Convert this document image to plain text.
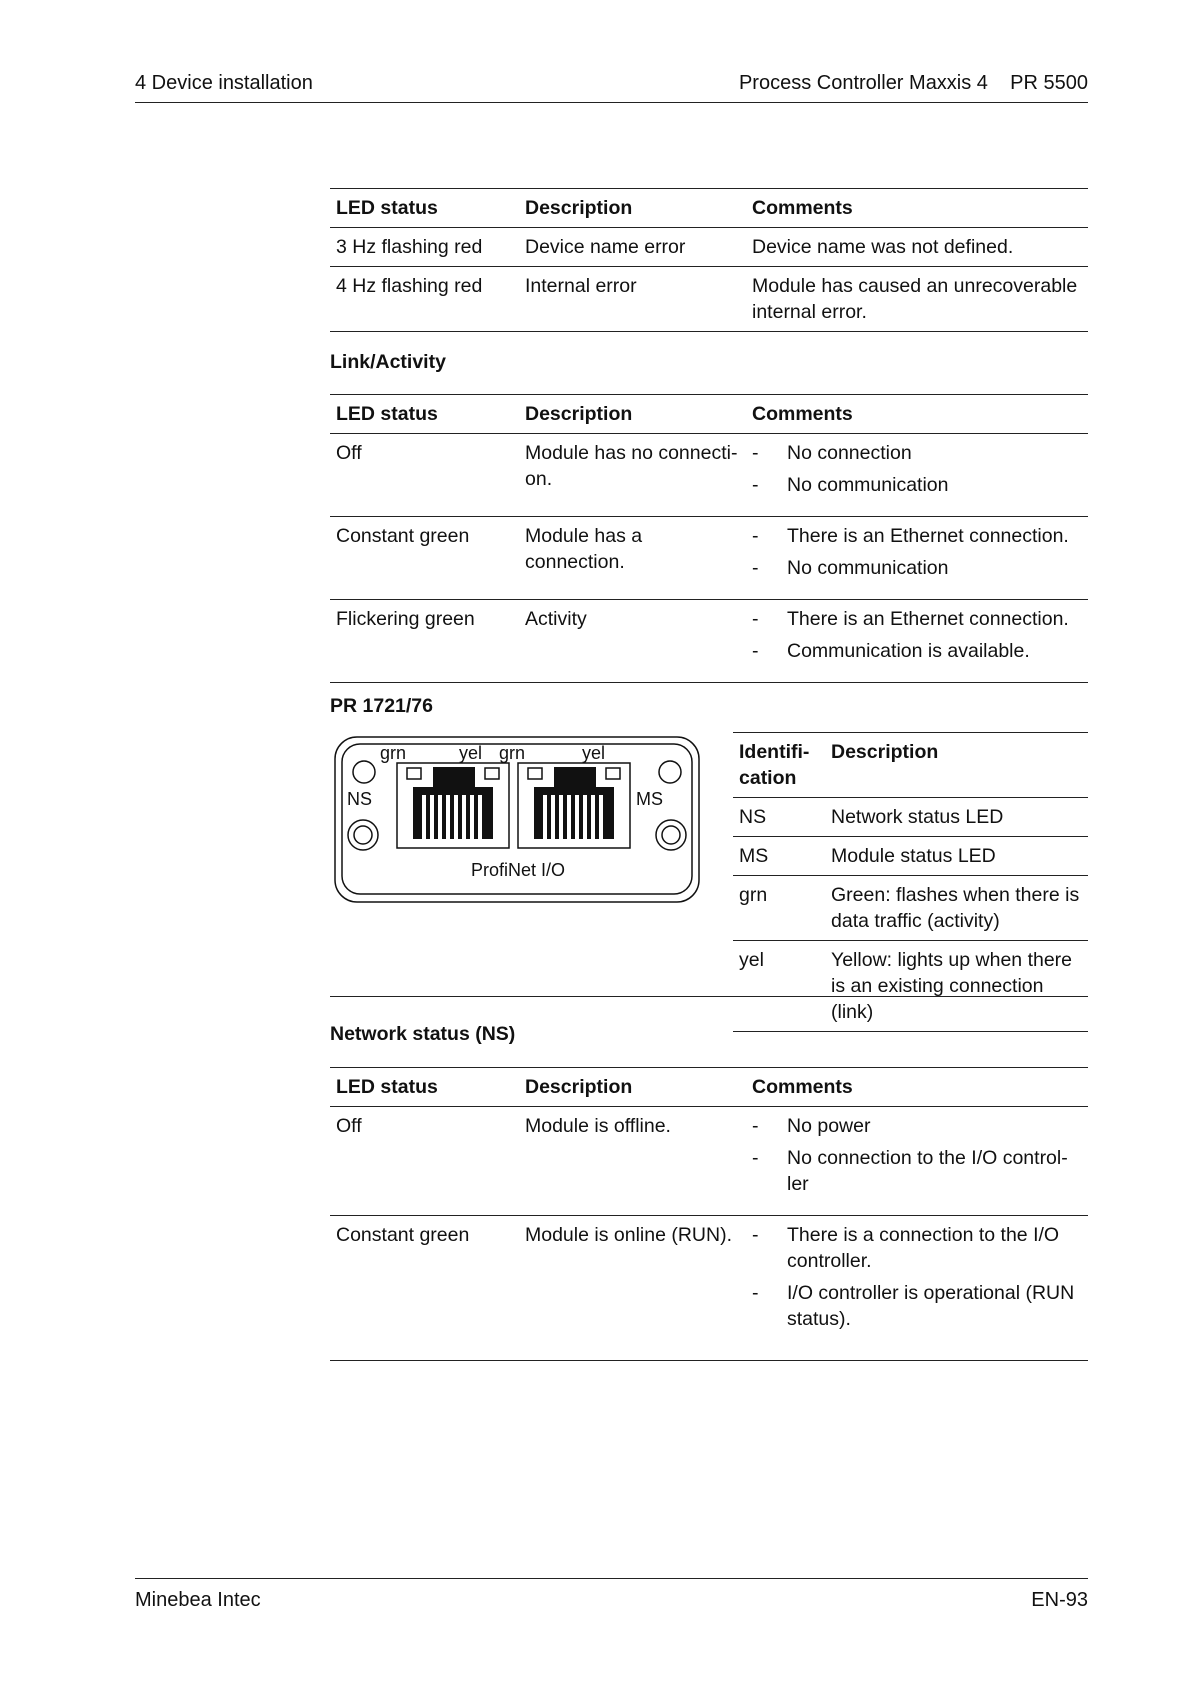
4 Device installation	Process Controller Maxxis 4    PR 5500
LED status	Description	Comments
3 Hz flashing red	Device name error	Device name was not defined.
4 Hz flashing red	Internal error	Module has caused an unrecoverable internal error.
Link/Activity
LED status	Description	Comments
Off	Module has no connecti-on.	- No connection
- No communication

Constant green	Module has a connection.	- There is an Ethernet connection.
- No communication

Flickering green	Activity	- There is an Ethernet connection.
- Communication is available.
PR 1721/76
grn	yel grn	yel
NS	MS
ProfiNet I/O
Identifi-cation	Description
NS	Network status LED
MS	Module status LED
grn	Green: flashes when there is data traffic (activity)
yel	Yellow: lights up when there is an existing connection (link)
Network status (NS)
LED status	Description	Comments
Off	Module is offline.	- No power
- No connection to the I/O control-ler

Constant green	Module is online (RUN).	- There is a connection to the I/O controller.
- I/O controller is operational (RUN status).
Minebea Intec	EN-93
